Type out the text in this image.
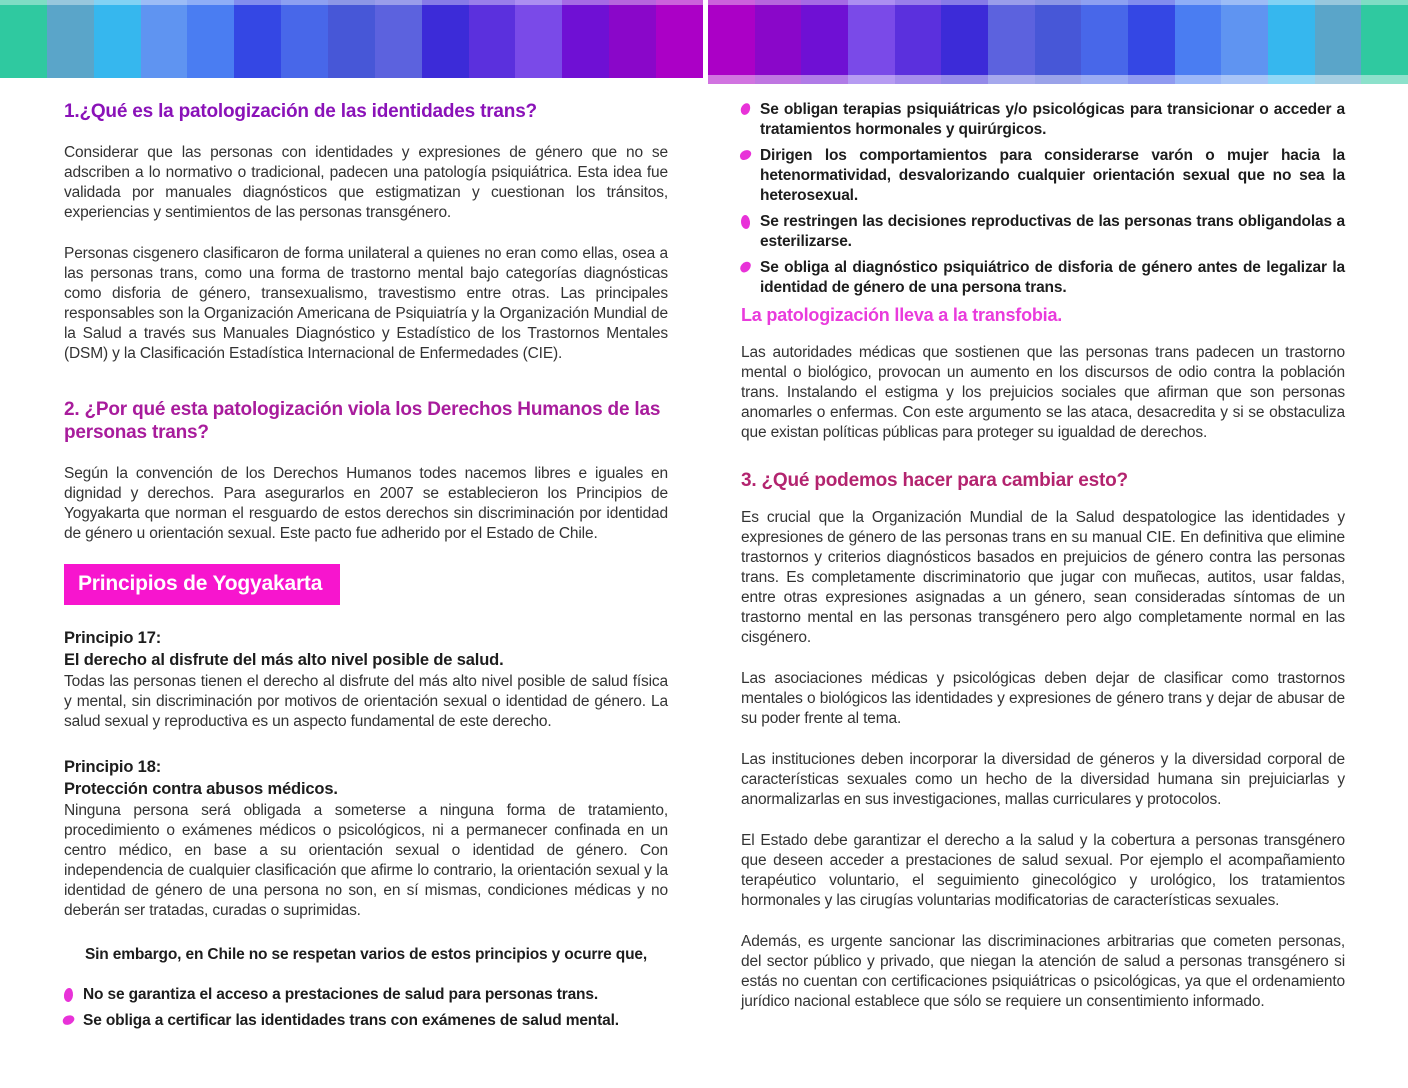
1.¿Qué es la patologización de las identidades trans?

Considerar que las personas con identidades y expresiones de género que no se adscriben a lo normativo o tradicional, padecen una patología psiquiátrica. Esta idea fue validada por manuales diagnósticos que estigmatizan y cuestionan los tránsitos, experiencias y sentimientos de las personas transgénero.

Personas cisgenero clasificaron de forma unilateral a quienes no eran como ellas, osea a las personas trans, como una forma de trastorno mental bajo categorías diagnósticas como disforia de género, transexualismo, travestismo entre otras. Las principales responsables son la Organización Americana de Psiquiatría y la Organización Mundial de la Salud a través sus Manuales Diagnóstico y Estadístico de los Trastornos Mentales (DSM) y la Clasificación Estadística Internacional de Enfermedades (CIE).

2. ¿Por qué esta patologización viola los Derechos Humanos de las personas trans?

Según la convención de los Derechos Humanos todes nacemos libres e iguales en dignidad y derechos. Para asegurarlos en 2007 se establecieron los Principios de Yogyakarta que norman el resguardo de estos derechos sin discriminación por identidad de género u orientación sexual. Este pacto fue adherido por el Estado de Chile.

Principios de Yogyakarta
Principio 17:
El derecho al disfrute del más alto nivel posible de salud.

Todas las personas tienen el derecho al disfrute del más alto nivel posible de salud física y mental, sin discriminación por motivos de orientación sexual o identidad de género. La salud sexual y reproductiva es un aspecto fundamental de este derecho.

Principio 18:
Protección contra abusos médicos.

Ninguna persona será obligada a someterse a ninguna forma de tratamiento, procedimiento o exámenes médicos o psicológicos, ni a permanecer confinada en un centro médico, en base a su orientación sexual o identidad de género. Con independencia de cualquier clasificación que afirme lo contrario, la orientación sexual y la identidad de género de una persona no son, en sí mismas, condiciones médicas y no deberán ser tratadas, curadas o suprimidas.

Sin embargo, en Chile no se respetan varios de estos principios y ocurre que,
No se garantiza el acceso a prestaciones de salud para personas trans.
Se obliga a certificar las identidades trans con exámenes de salud mental.
Se obligan terapias psiquiátricas y/o psicológicas para transicionar o acceder a tratamientos hormonales y quirúrgicos.
Dirigen los comportamientos para considerarse varón o mujer hacia la hetenormatividad, desvalorizando cualquier orientación sexual que no sea la heterosexual.
Se restringen las decisiones reproductivas de las personas trans obligandolas a esterilizarse.
Se obliga al diagnóstico psiquiátrico de disforia de género antes de legalizar la identidad de género de una persona trans.
La patologización lleva a la transfobia.

Las autoridades médicas que sostienen que las personas trans padecen un trastorno mental o biológico, provocan un aumento en los discursos de odio contra la población trans. Instalando el estigma y los prejuicios sociales que afirman que son personas anomarles o enfermas. Con este argumento se las ataca, desacredita y si se obstaculiza que existan políticas públicas para proteger su igualdad de derechos.

3. ¿Qué podemos hacer para cambiar esto?

Es crucial que la Organización Mundial de la Salud despatologice las identidades y expresiones de género de las personas trans en su manual CIE. En definitiva que elimine trastornos y criterios diagnósticos basados en prejuicios de género contra las personas trans. Es completamente discriminatorio que jugar con muñecas, autitos, usar faldas, entre otras expresiones asignadas a un género, sean consideradas síntomas de un trastorno mental en las personas transgénero pero algo completamente normal en las cisgénero.

Las asociaciones médicas y psicológicas deben dejar de clasificar como trastornos mentales o biológicos las identidades y expresiones de género trans y dejar de abusar de su poder frente al tema.

Las instituciones deben incorporar la diversidad de géneros y la diversidad corporal de características sexuales como un hecho de la diversidad humana sin prejuiciarlas y anormalizarlas en sus investigaciones, mallas curriculares y protocolos.

El Estado debe garantizar el derecho a la salud y la cobertura a personas transgénero que deseen acceder a prestaciones de salud sexual. Por ejemplo el acompañamiento terapéutico voluntario, el seguimiento ginecológico y urológico, los tratamientos hormonales y las cirugías voluntarias modificatorias de características sexuales.

Además, es urgente sancionar las discriminaciones arbitrarias que cometen personas, del sector público y privado, que niegan la atención de salud a personas transgénero si estás no cuentan con certificaciones psiquiátricas o psicológicas, ya que el ordenamiento jurídico nacional establece que sólo se requiere un consentimiento informado.
